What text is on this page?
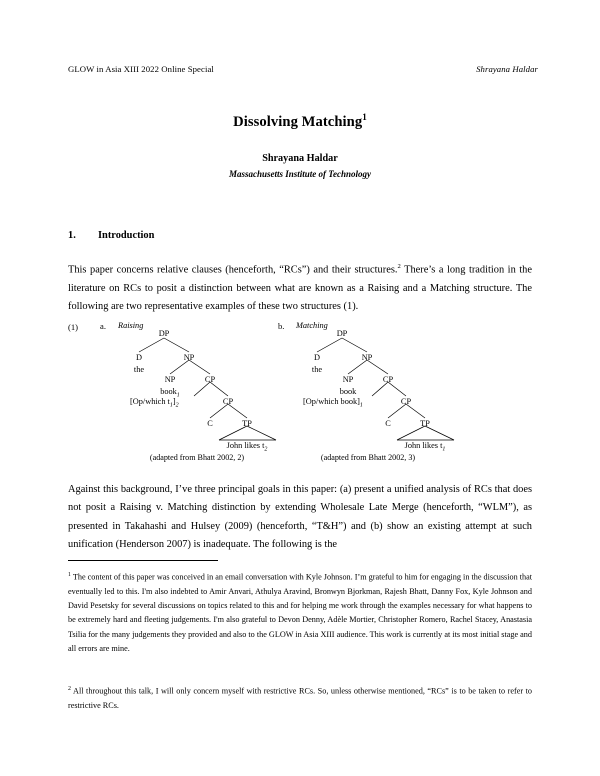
GLOW in Asia XIII 2022 Online Special	Shrayana Haldar
Dissolving Matching$^1$
Shrayana Haldar
Massachusetts Institute of Technology
1. Introduction
This paper concerns relative clauses (henceforth, “RCs”) and their structures.$^2$ There’s a long tradition in the literature on RCs to posit a distinction between what are known as a Raising and a Matching structure. The following are two representative examples of these two structures (1).
(1)	a. Raising
DP
D
the
NP
NP
book$_1$
CP
[Op/which $t_1]_2$	CP
C	TP
John likes $t_2$
(adapted from Bhatt 2002, 2)
b. Matching
DP
D
the
NP
NP
book
CP
[Op/which $book]_1$	CP
C	TP
John likes $t_1$
(adapted from Bhatt 2002, 3)
Against this background, I’ve three principal goals in this paper: (a) present a unified analysis of RCs that does not posit a Raising v. Matching distinction by extending Wholesale Late Merge (henceforth, “WLM”), as presented in Takahashi and Hulsey (2009) (henceforth, “T&H”) and (b) show an existing attempt at such unification (Henderson 2007) is inadequate. The following is the
$^1$ The content of this paper was conceived in an email conversation with Kyle Johnson. I’m grateful to him for engaging in the discussion that eventually led to this. I'm also indebted to Amir Anvari, Athulya Aravind, Bronwyn Bjorkman, Rajesh Bhatt, Danny Fox, Kyle Johnson and David Pesetsky for several discussions on topics related to this and for helping me work through the examples necessary for what happens to be extremely hard and fleeting judgements. I'm also grateful to Devon Denny, Adèle Mortier, Christopher Romero, Rachel Stacey, Anastasia Tsilia for the many judgements they provided and also to the GLOW in Asia XIII audience. This work is currently at its most initial stage and all errors are mine.
$^2$ All throughout this talk, I will only concern myself with restrictive RCs. So, unless otherwise mentioned, “RCs” is to be taken to refer to restrictive RCs.
